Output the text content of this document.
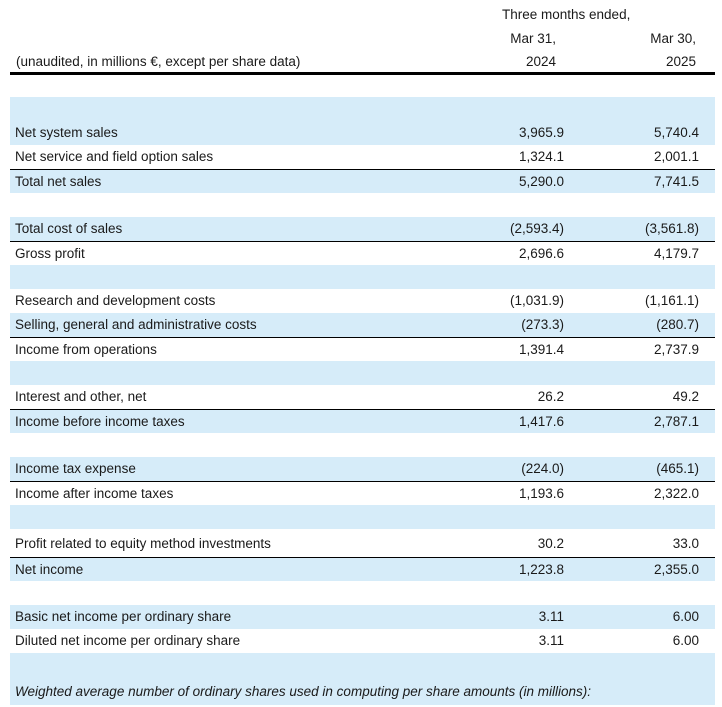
Three months ended,
Mar 31,	Mar 30,
(unaudited, in millions €, except per share data)	2024	2025
Net system sales	3,965.9	5,740.4
Net service and field option sales	1,324.1	2,001.1
Total net sales	5,290.0	7,741.5
Total cost of sales	(2,593.4)	(3,561.8)
Gross profit	2,696.6	4,179.7
Research and development costs	(1,031.9)	(1,161.1)
Selling, general and administrative costs	(273.3)	(280.7)
Income from operations	1,391.4	2,737.9
Interest and other, net	26.2	49.2
Income before income taxes	1,417.6	2,787.1
Income tax expense	(224.0)	(465.1)
Income after income taxes	1,193.6	2,322.0
Profit related to equity method investments	30.2	33.0
Net income	1,223.8	2,355.0
Basic net income per ordinary share	3.11	6.00
Diluted net income per ordinary share	3.11	6.00
Weighted average number of ordinary shares used in computing per share amounts (in millions):
